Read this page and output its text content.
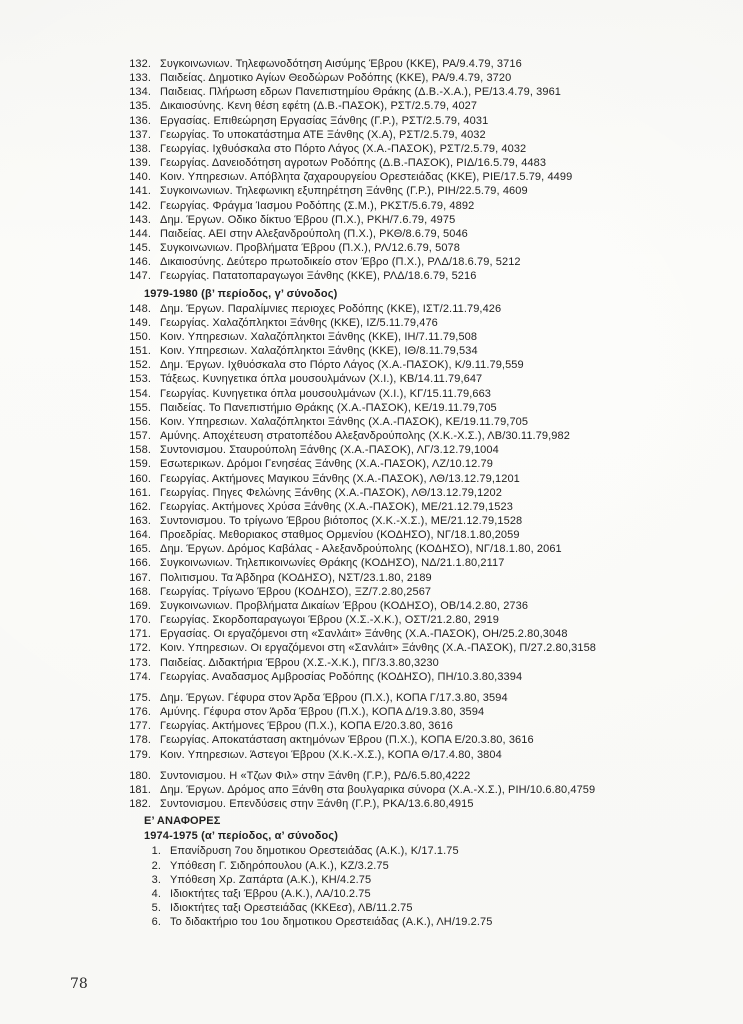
132. Συγκοινωνιων. Τηλεφωνοδότηση Αισύμης Έβρου (ΚΚΕ), ΡΑ/9.4.79, 3716
133. Παιδείας. Δημοτικο Αγίων Θεοδώρων Ροδόπης (ΚΚΕ), ΡΑ/9.4.79, 3720
134. Παιδειας. Πλήρωση εδρων Πανεπιστημίου Θράκης (Δ.Β.-Χ.Α.), ΡΕ/13.4.79, 3961
135. Δικαιοσύνης. Κενη θέση εφέτη (Δ.Β.-ΠΑΣΟΚ), ΡΣΤ/2.5.79, 4027
136. Εργασίας. Επιθεώρηση Εργασίας Ξάνθης (Γ.Ρ.), ΡΣΤ/2.5.79, 4031
137. Γεωργίας. Το υποκατάστημα ΑΤΕ Ξάνθης (Χ.Α), ΡΣΤ/2.5.79, 4032
138. Γεωργίας. Ιχθυόσκαλα στο Πόρτο Λάγος (Χ.Α.-ΠΑΣΟΚ), ΡΣΤ/2.5.79, 4032
139. Γεωργίας. Δανειοδότηση αγροτων Ροδόπης (Δ.Β.-ΠΑΣΟΚ), ΡΙΔ/16.5.79, 4483
140. Κοιν. Υπηρεσιων. Απόβλητα ζαχαρουργείου Ορεστειάδας (ΚΚΕ), ΡΙΕ/17.5.79, 4499
141. Συγκοινωνιων. Τηλεφωνικη εξυπηρέτηση Ξάνθης (Γ.Ρ.), ΡΙΗ/22.5.79, 4609
142. Γεωργίας. Φράγμα Ίασμου Ροδόπης (Σ.Μ.), ΡΚΣΤ/5.6.79, 4892
143. Δημ. Έργων. Οδικο δίκτυο Έβρου (Π.Χ.), ΡΚΗ/7.6.79, 4975
144. Παιδείας. ΑΕΙ στην Αλεξανδρούπολη (Π.Χ.), ΡΚΘ/8.6.79, 5046
145. Συγκοινωνιων. Προβλήματα Έβρου (Π.Χ.), ΡΛ/12.6.79, 5078
146. Δικαιοσύνης. Δεύτερο πρωτοδικείο στον Έβρο (Π.Χ.), ΡΛΔ/18.6.79, 5212
147. Γεωργίας. Πατατοπαραγωγοι Ξάνθης (ΚΚΕ), ΡΛΔ/18.6.79, 5216
1979-1980 (β’ περίοδος, γ’ σύνοδος)
148. Δημ. Έργων. Παραλίμνιες περιοχες Ροδόπης (ΚΚΕ), ΙΣΤ/2.11.79,426
149. Γεωργίας. Χαλαζόπληκτοι Ξάνθης (ΚΚΕ), ΙΖ/5.11.79,476
150. Κοιν. Υπηρεσιων. Χαλαζόπληκτοι Ξάνθης (ΚΚΕ), ΙΗ/7.11.79,508
151. Κοιν. Υπηρεσιων. Χαλαζόπληκτοι Ξάνθης (ΚΚΕ), ΙΘ/8.11.79,534
152. Δημ. Έργων. Ιχθυόσκαλα στο Πόρτο Λάγος (Χ.Α.-ΠΑΣΟΚ), Κ/9.11.79,559
153. Τάξεως. Κυνηγετικα όπλα μουσουλμάνων (Χ.Ι.), ΚΒ/14.11.79,647
154. Γεωργίας. Κυνηγετικα όπλα μουσουλμάνων (Χ.Ι.), ΚΓ/15.11.79,663
155. Παιδείας. Το Πανεπιστήμιο Θράκης (Χ.Α.-ΠΑΣΟΚ), ΚΕ/19.11.79,705
156. Κοιν. Υπηρεσιων. Χαλαζόπληκτοι Ξάνθης (Χ.Α.-ΠΑΣΟΚ), ΚΕ/19.11.79,705
157. Αμύνης. Αποχέτευση στρατοπέδου Αλεξανδρούπολης (Χ.Κ.-Χ.Σ.), ΛΒ/30.11.79,982
158. Συντονισμου. Σταυρούπολη Ξάνθης (Χ.Α.-ΠΑΣΟΚ), ΛΓ/3.12.79,1004
159. Εσωτερικων. Δρόμοι Γενησέας Ξάνθης (Χ.Α.-ΠΑΣΟΚ), ΛΖ/10.12.79
160. Γεωργίας. Ακτήμονες Μαγικου Ξάνθης (Χ.Α.-ΠΑΣΟΚ), ΛΘ/13.12.79,1201
161. Γεωργίας. Πηγες Φελώνης Ξάνθης (Χ.Α.-ΠΑΣΟΚ), ΛΘ/13.12.79,1202
162. Γεωργίας. Ακτήμονες Χρύσα Ξάνθης (Χ.Α.-ΠΑΣΟΚ), ΜΕ/21.12.79,1523
163. Συντονισμου. Το τρίγωνο Έβρου βιότοπος (Χ.Κ.-Χ.Σ.), ΜΕ/21.12.79,1528
164. Προεδρίας. Μεθοριακος σταθμος Ορμενίου (ΚΟΔΗΣΟ), ΝΓ/18.1.80,2059
165. Δημ. Έργων. Δρόμος Καβάλας - Αλεξανδρούπολης (ΚΟΔΗΣΟ), ΝΓ/18.1.80, 2061
166. Συγκοινωνιων. Τηλεπικοινωνίες Θράκης (ΚΟΔΗΣΟ), ΝΔ/21.1.80,2117
167. Πολιτισμου. Τα Άβδηρα (ΚΟΔΗΣΟ), ΝΣΤ/23.1.80, 2189
168. Γεωργίας. Τρίγωνο Έβρου (ΚΟΔΗΣΟ), ΞΖ/7.2.80,2567
169. Συγκοινωνιων. Προβλήματα Δικαίων Έβρου (ΚΟΔΗΣΟ), ΟΒ/14.2.80, 2736
170. Γεωργίας. Σκορδοπαραγωγοι Έβρου (Χ.Σ.-Χ.Κ.), ΟΣΤ/21.2.80, 2919
171. Εργασίας. Οι εργαζόμενοι στη «Σανλάιτ» Ξάνθης (Χ.Α.-ΠΑΣΟΚ), ΟΗ/25.2.80,3048
172. Κοιν. Υπηρεσιων. Οι εργαζόμενοι στη «Σανλάιτ» Ξάνθης (Χ.Α.-ΠΑΣΟΚ), Π/27.2.80,3158
173. Παιδείας. Διδακτήρια Έβρου (Χ.Σ.-Χ.Κ.), ΠΓ/3.3.80,3230
174. Γεωργίας. Αναδασμος Αμβροσίας Ροδόπης (ΚΟΔΗΣΟ), ΠΗ/10.3.80,3394
175. Δημ. Έργων. Γέφυρα στον Άρδα Έβρου (Π.Χ.), ΚΟΠΑ Γ/17.3.80, 3594
176. Αμύνης. Γέφυρα στον Άρδα Έβρου (Π.Χ.), ΚΟΠΑ Δ/19.3.80, 3594
177. Γεωργίας. Ακτήμονες Έβρου (Π.Χ.), ΚΟΠΑ Ε/20.3.80, 3616
178. Γεωργίας. Αποκατάσταση ακτημόνων Έβρου (Π.Χ.), ΚΟΠΑ Ε/20.3.80, 3616
179. Κοιν. Υπηρεσιων. Άστεγοι Έβρου (Χ.Κ.-Χ.Σ.), ΚΟΠΑ Θ/17.4.80, 3804
180. Συντονισμου. Η «Τζων Φιλ» στην Ξάνθη (Γ.Ρ.), ΡΔ/6.5.80,4222
181. Δημ. Έργων. Δρόμος απο Ξάνθη στα βουλγαρικα σύνορα (Χ.Α.-Χ.Σ.), ΡΙΗ/10.6.80,4759
182. Συντονισμου. Επενδύσεις στην Ξάνθη (Γ.Ρ.), ΡΚΑ/13.6.80,4915
Ε’ ΑΝΑΦΟΡΕΣ
1974-1975 (α’ περίοδος, α’ σύνοδος)
1. Επανίδρυση 7ου δημοτικου Ορεστειάδας (Α.Κ.), Κ/17.1.75
2. Υπόθεση Γ. Σιδηρόπουλου (Α.Κ.), ΚΖ/3.2.75
3. Υπόθεση Χρ. Ζαπάρτα (Α.Κ.), ΚΗ/4.2.75
4. Ιδιοκτήτες ταξι Έβρου (Α.Κ.), ΛΑ/10.2.75
5. Ιδιοκτήτες ταξι Ορεστειάδας (ΚΚΕεσ), ΛΒ/11.2.75
6. Το διδακτήριο του 1ου δημοτικου Ορεστειάδας (Α.Κ.), ΛΗ/19.2.75
78
